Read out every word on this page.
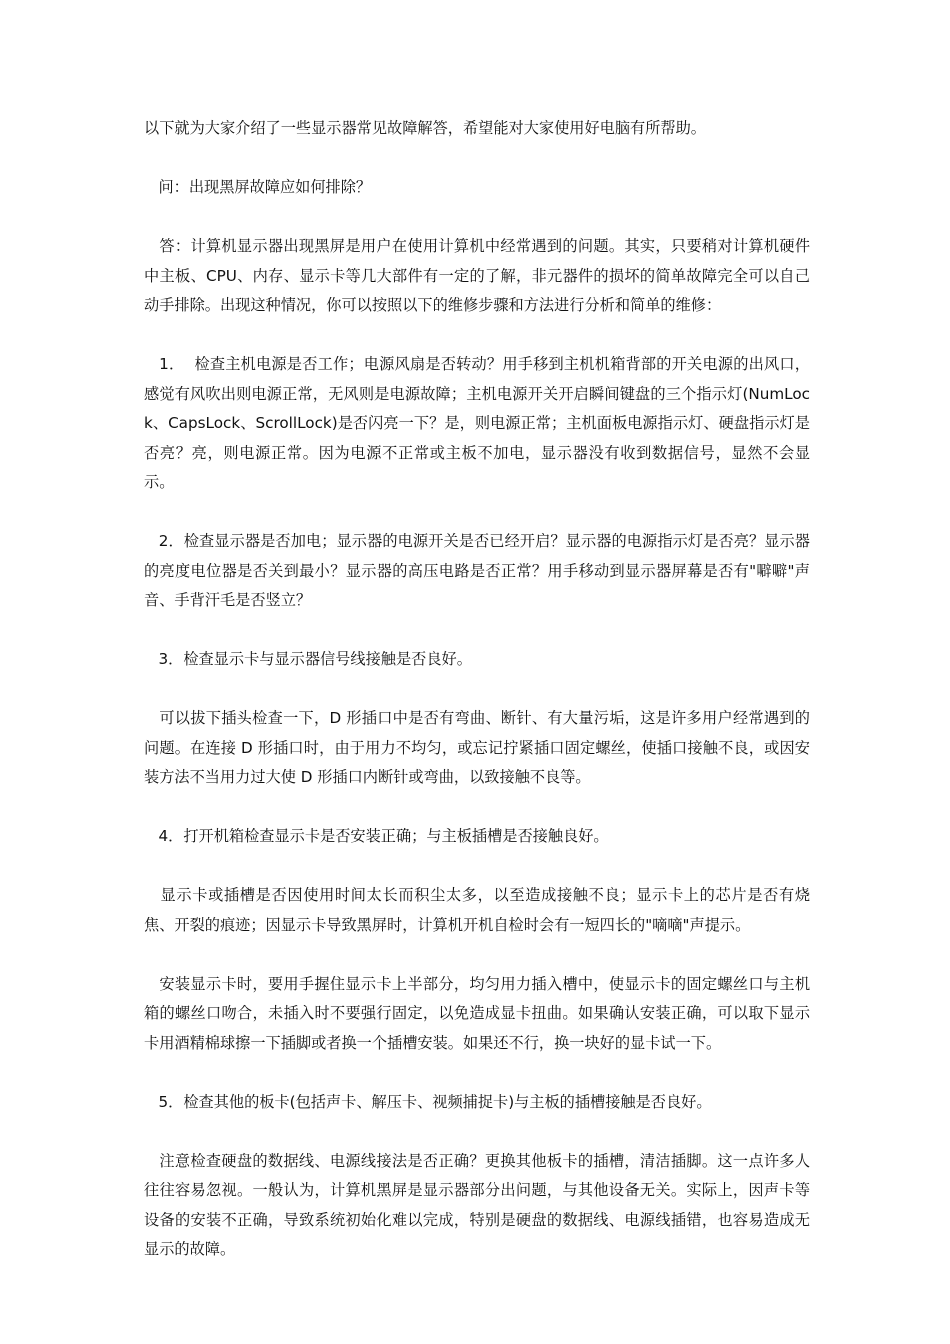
以下就为大家介绍了一些显示器常见故障解答，希望能对大家使用好电脑有所帮助。

问：出现黑屏故障应如何排除？

答：计算机显示器出现黑屏是用户在使用计算机中经常遇到的问题。其实，只要稍对计算机硬件中主板、CPU、内存、显示卡等几大部件有一定的了解，非元器件的损坏的简单故障完全可以自己动手排除。出现这种情况，你可以按照以下的维修步骤和方法进行分析和简单的维修：

1．  检查主机电源是否工作；电源风扇是否转动？用手移到主机机箱背部的开关电源的出风口，感觉有风吹出则电源正常，无风则是电源故障；主机电源开关开启瞬间键盘的三个指示灯(NumLock、CapsLock、ScrollLock)是否闪亮一下？是，则电源正常；主机面板电源指示灯、硬盘指示灯是否亮？亮，则电源正常。因为电源不正常或主板不加电，显示器没有收到数据信号，显然不会显示。

2．检查显示器是否加电；显示器的电源开关是否已经开启？显示器的电源指示灯是否亮？显示器的亮度电位器是否关到最小？显示器的高压电路是否正常？用手移动到显示器屏幕是否有"噼噼"声音、手背汗毛是否竖立？

3．检查显示卡与显示器信号线接触是否良好。

可以拔下插头检查一下，D 形插口中是否有弯曲、断针、有大量污垢，这是许多用户经常遇到的问题。在连接 D 形插口时，由于用力不均匀，或忘记拧紧插口固定螺丝，使插口接触不良，或因安装方法不当用力过大使 D 形插口内断针或弯曲，以致接触不良等。

4．打开机箱检查显示卡是否安装正确；与主板插槽是否接触良好。

显示卡或插槽是否因使用时间太长而积尘太多，以至造成接触不良；显示卡上的芯片是否有烧焦、开裂的痕迹；因显示卡导致黑屏时，计算机开机自检时会有一短四长的"嘀嘀"声提示。

安装显示卡时，要用手握住显示卡上半部分，均匀用力插入槽中，使显示卡的固定螺丝口与主机箱的螺丝口吻合，未插入时不要强行固定，以免造成显卡扭曲。如果确认安装正确，可以取下显示卡用酒精棉球擦一下插脚或者换一个插槽安装。如果还不行，换一块好的显卡试一下。

5．检查其他的板卡(包括声卡、解压卡、视频捕捉卡)与主板的插槽接触是否良好。

注意检查硬盘的数据线、电源线接法是否正确？更换其他板卡的插槽，清洁插脚。这一点许多人往往容易忽视。一般认为，计算机黑屏是显示器部分出问题，与其他设备无关。实际上，因声卡等设备的安装不正确，导致系统初始化难以完成，特别是硬盘的数据线、电源线插错，也容易造成无显示的故障。
